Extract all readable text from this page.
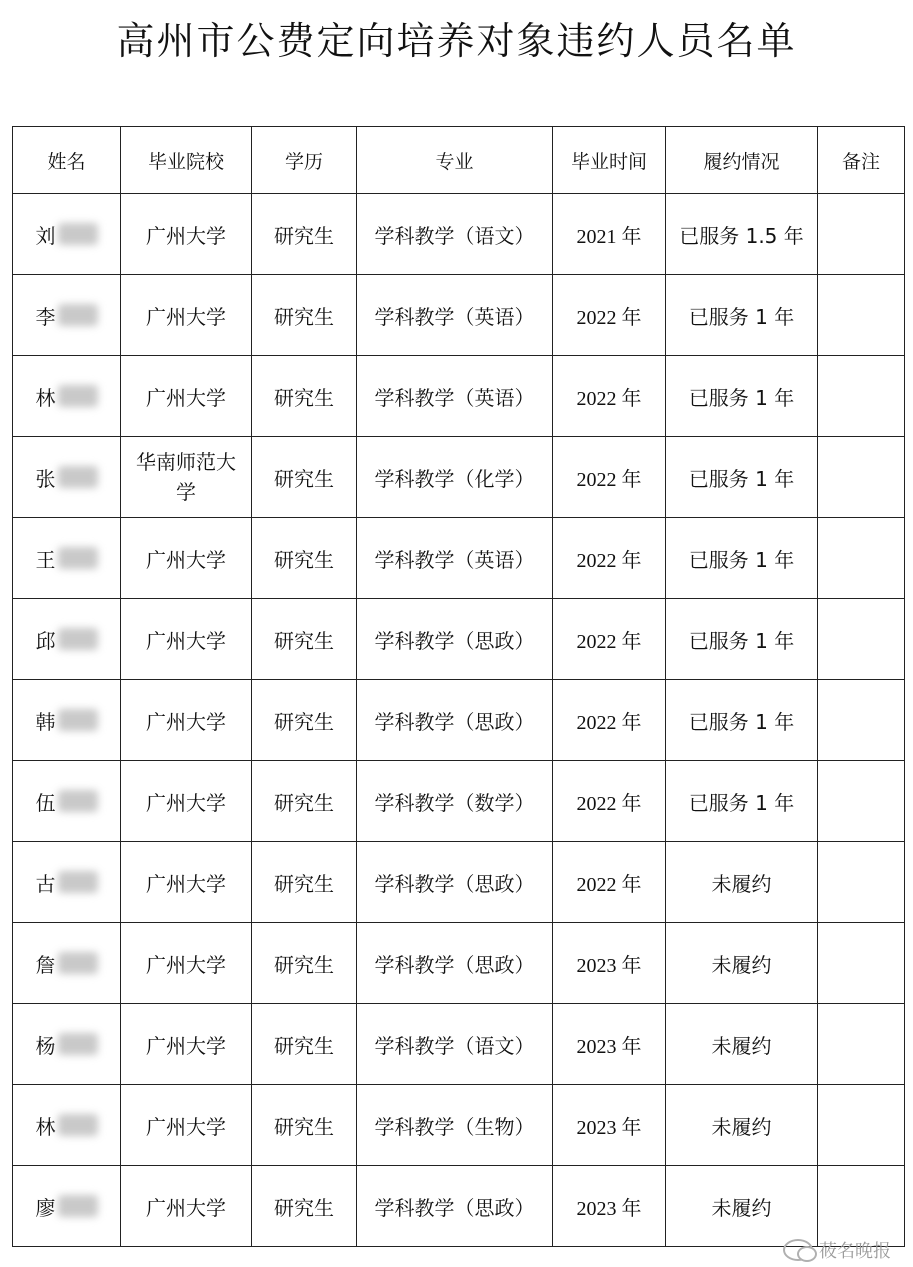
高州市公费定向培养对象违约人员名单
姓名	毕业院校	学历	专业	毕业时间	履约情况	备注

刘	广州大学	研究生	学科教学（语文）	2021 年	已服务 1.5 年	

李	广州大学	研究生	学科教学（英语）	2022 年	已服务 1 年	

林	广州大学	研究生	学科教学（英语）	2022 年	已服务 1 年	

张	华南师范大学	研究生	学科教学（化学）	2022 年	已服务 1 年	

王	广州大学	研究生	学科教学（英语）	2022 年	已服务 1 年	

邱	广州大学	研究生	学科教学（思政）	2022 年	已服务 1 年	

韩	广州大学	研究生	学科教学（思政）	2022 年	已服务 1 年	

伍	广州大学	研究生	学科教学（数学）	2022 年	已服务 1 年	

古	广州大学	研究生	学科教学（思政）	2022 年	未履约	

詹	广州大学	研究生	学科教学（思政）	2023 年	未履约	

杨	广州大学	研究生	学科教学（语文）	2023 年	未履约	

林	广州大学	研究生	学科教学（生物）	2023 年	未履约	

廖	广州大学	研究生	学科教学（思政）	2023 年	未履约	
莜名晚报
